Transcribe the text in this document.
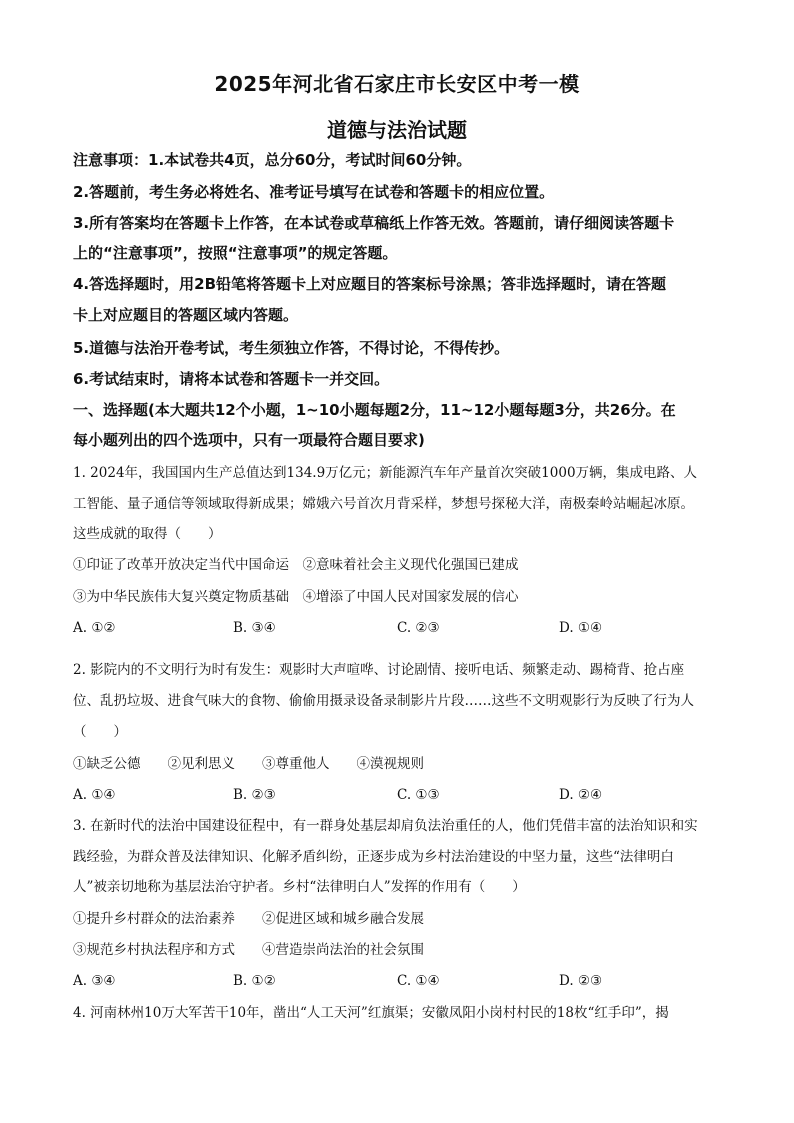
2025年河北省石家庄市长安区中考一模
道德与法治试题
注意事项：1.本试卷共4页，总分60分，考试时间60分钟。
2.答题前，考生务必将姓名、准考证号填写在试卷和答题卡的相应位置。
3.所有答案均在答题卡上作答，在本试卷或草稿纸上作答无效。答题前，请仔细阅读答题卡
上的“注意事项”，按照“注意事项”的规定答题。
4.答选择题时，用2B铅笔将答题卡上对应题目的答案标号涂黑；答非选择题时，请在答题
卡上对应题目的答题区域内答题。
5.道德与法治开卷考试，考生须独立作答，不得讨论，不得传抄。
6.考试结束时，请将本试卷和答题卡一并交回。
一、选择题(本大题共12个小题，1~10小题每题2分，11~12小题每题3分，共26分。在
每小题列出的四个选项中，只有一项最符合题目要求)
1. 2024年，我国国内生产总值达到134.9万亿元；新能源汽车年产量首次突破1000万辆，集成电路、人
工智能、量子通信等领域取得新成果；嫦娥六号首次月背采样，梦想号探秘大洋，南极秦岭站崛起冰原。
这些成就的取得（　　）
①印证了改革开放决定当代中国命运　②意味着社会主义现代化强国已建成
③为中华民族伟大复兴奠定物质基础　④增添了中国人民对国家发展的信心
A. ①②	B. ③④	C. ②③	D. ①④
2. 影院内的不文明行为时有发生：观影时大声喧哗、讨论剧情、接听电话、频繁走动、踢椅背、抢占座
位、乱扔垃圾、进食气味大的食物、偷偷用摄录设备录制影片片段……这些不文明观影行为反映了行为人
（　　）
①缺乏公德　　②见利思义　　③尊重他人　　④漠视规则
A. ①④	B. ②③	C. ①③	D. ②④
3. 在新时代的法治中国建设征程中，有一群身处基层却肩负法治重任的人，他们凭借丰富的法治知识和实
践经验，为群众普及法律知识、化解矛盾纠纷，正逐步成为乡村法治建设的中坚力量，这些“法律明白
人”被亲切地称为基层法治守护者。乡村“法律明白人”发挥的作用有（　　）
①提升乡村群众的法治素养　　②促进区域和城乡融合发展
③规范乡村执法程序和方式　　④营造崇尚法治的社会氛围
A. ③④	B. ①②	C. ①④	D. ②③
4. 河南林州10万大军苦干10年，凿出“人工天河”红旗渠；安徽凤阳小岗村村民的18枚“红手印”，揭
